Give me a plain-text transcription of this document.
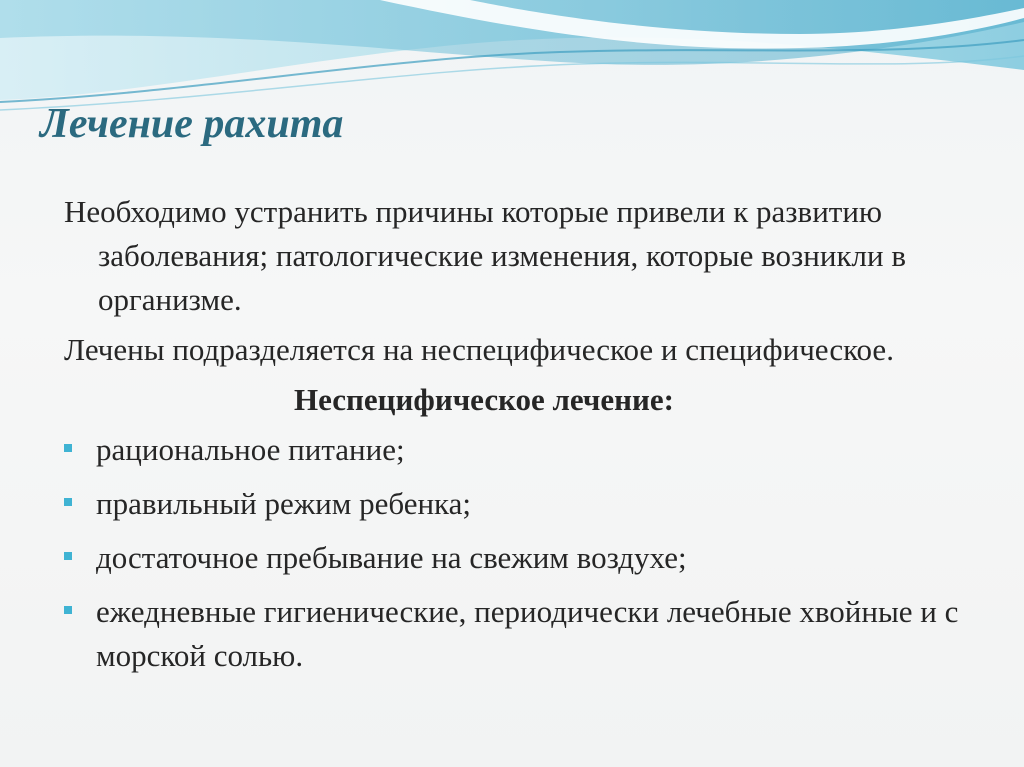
Лечение рахита

Необходимо устранить причины которые привели к развитию заболевания; патологические изменения, которые возникли в организме.

Лечены подразделяется на неспецифическое и специфическое.

Неспецифическое лечение:

рациональное питание;
правильный режим ребенка;
достаточное пребывание на свежим воздухе;
ежедневные гигиенические, периодически лечебные хвойные и с морской солью.
